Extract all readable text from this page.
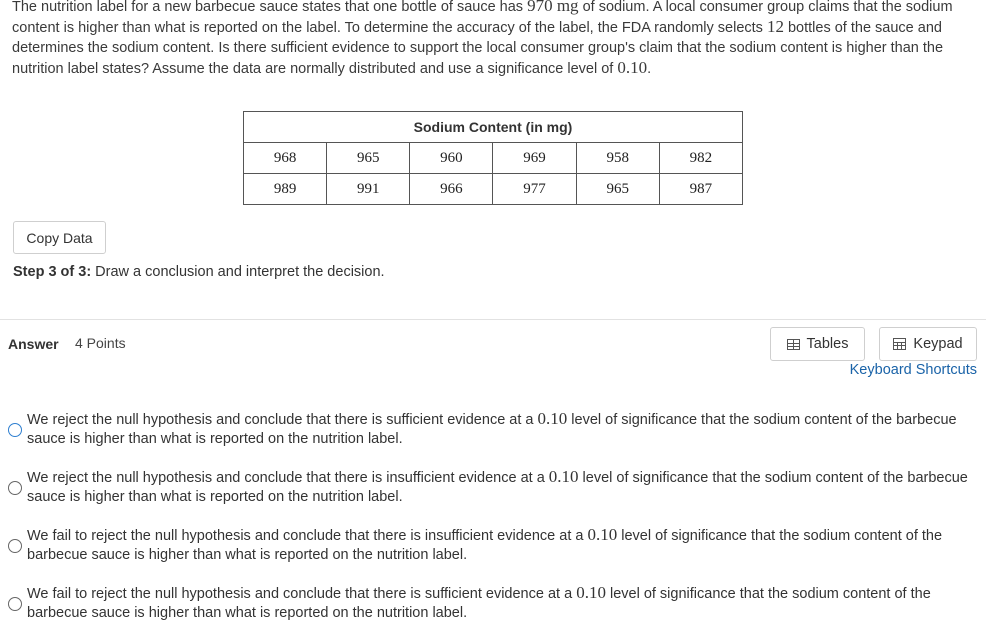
The nutrition label for a new barbecue sauce states that one bottle of sauce has 970 mg of sodium. A local consumer group claims that the sodium content is higher than what is reported on the label. To determine the accuracy of the label, the FDA randomly selects 12 bottles of the sauce and determines the sodium content. Is there sufficient evidence to support the local consumer group's claim that the sodium content is higher than the nutrition label states? Assume the data are normally distributed and use a significance level of 0.10.
Sodium Content (in mg)					
968	965	960	969	958	982
989	991	966	977	965	987
Copy Data
Step 3 of 3: Draw a conclusion and interpret the decision.
Answer 4 Points	Tables	Keypad
Keyboard Shortcuts
We reject the null hypothesis and conclude that there is sufficient evidence at a 0.10 level of significance that the sodium content of the barbecue sauce is higher than what is reported on the nutrition label.
We reject the null hypothesis and conclude that there is insufficient evidence at a 0.10 level of significance that the sodium content of the barbecue sauce is higher than what is reported on the nutrition label.
We fail to reject the null hypothesis and conclude that there is insufficient evidence at a 0.10 level of significance that the sodium content of the barbecue sauce is higher than what is reported on the nutrition label.
We fail to reject the null hypothesis and conclude that there is sufficient evidence at a 0.10 level of significance that the sodium content of the barbecue sauce is higher than what is reported on the nutrition label.
